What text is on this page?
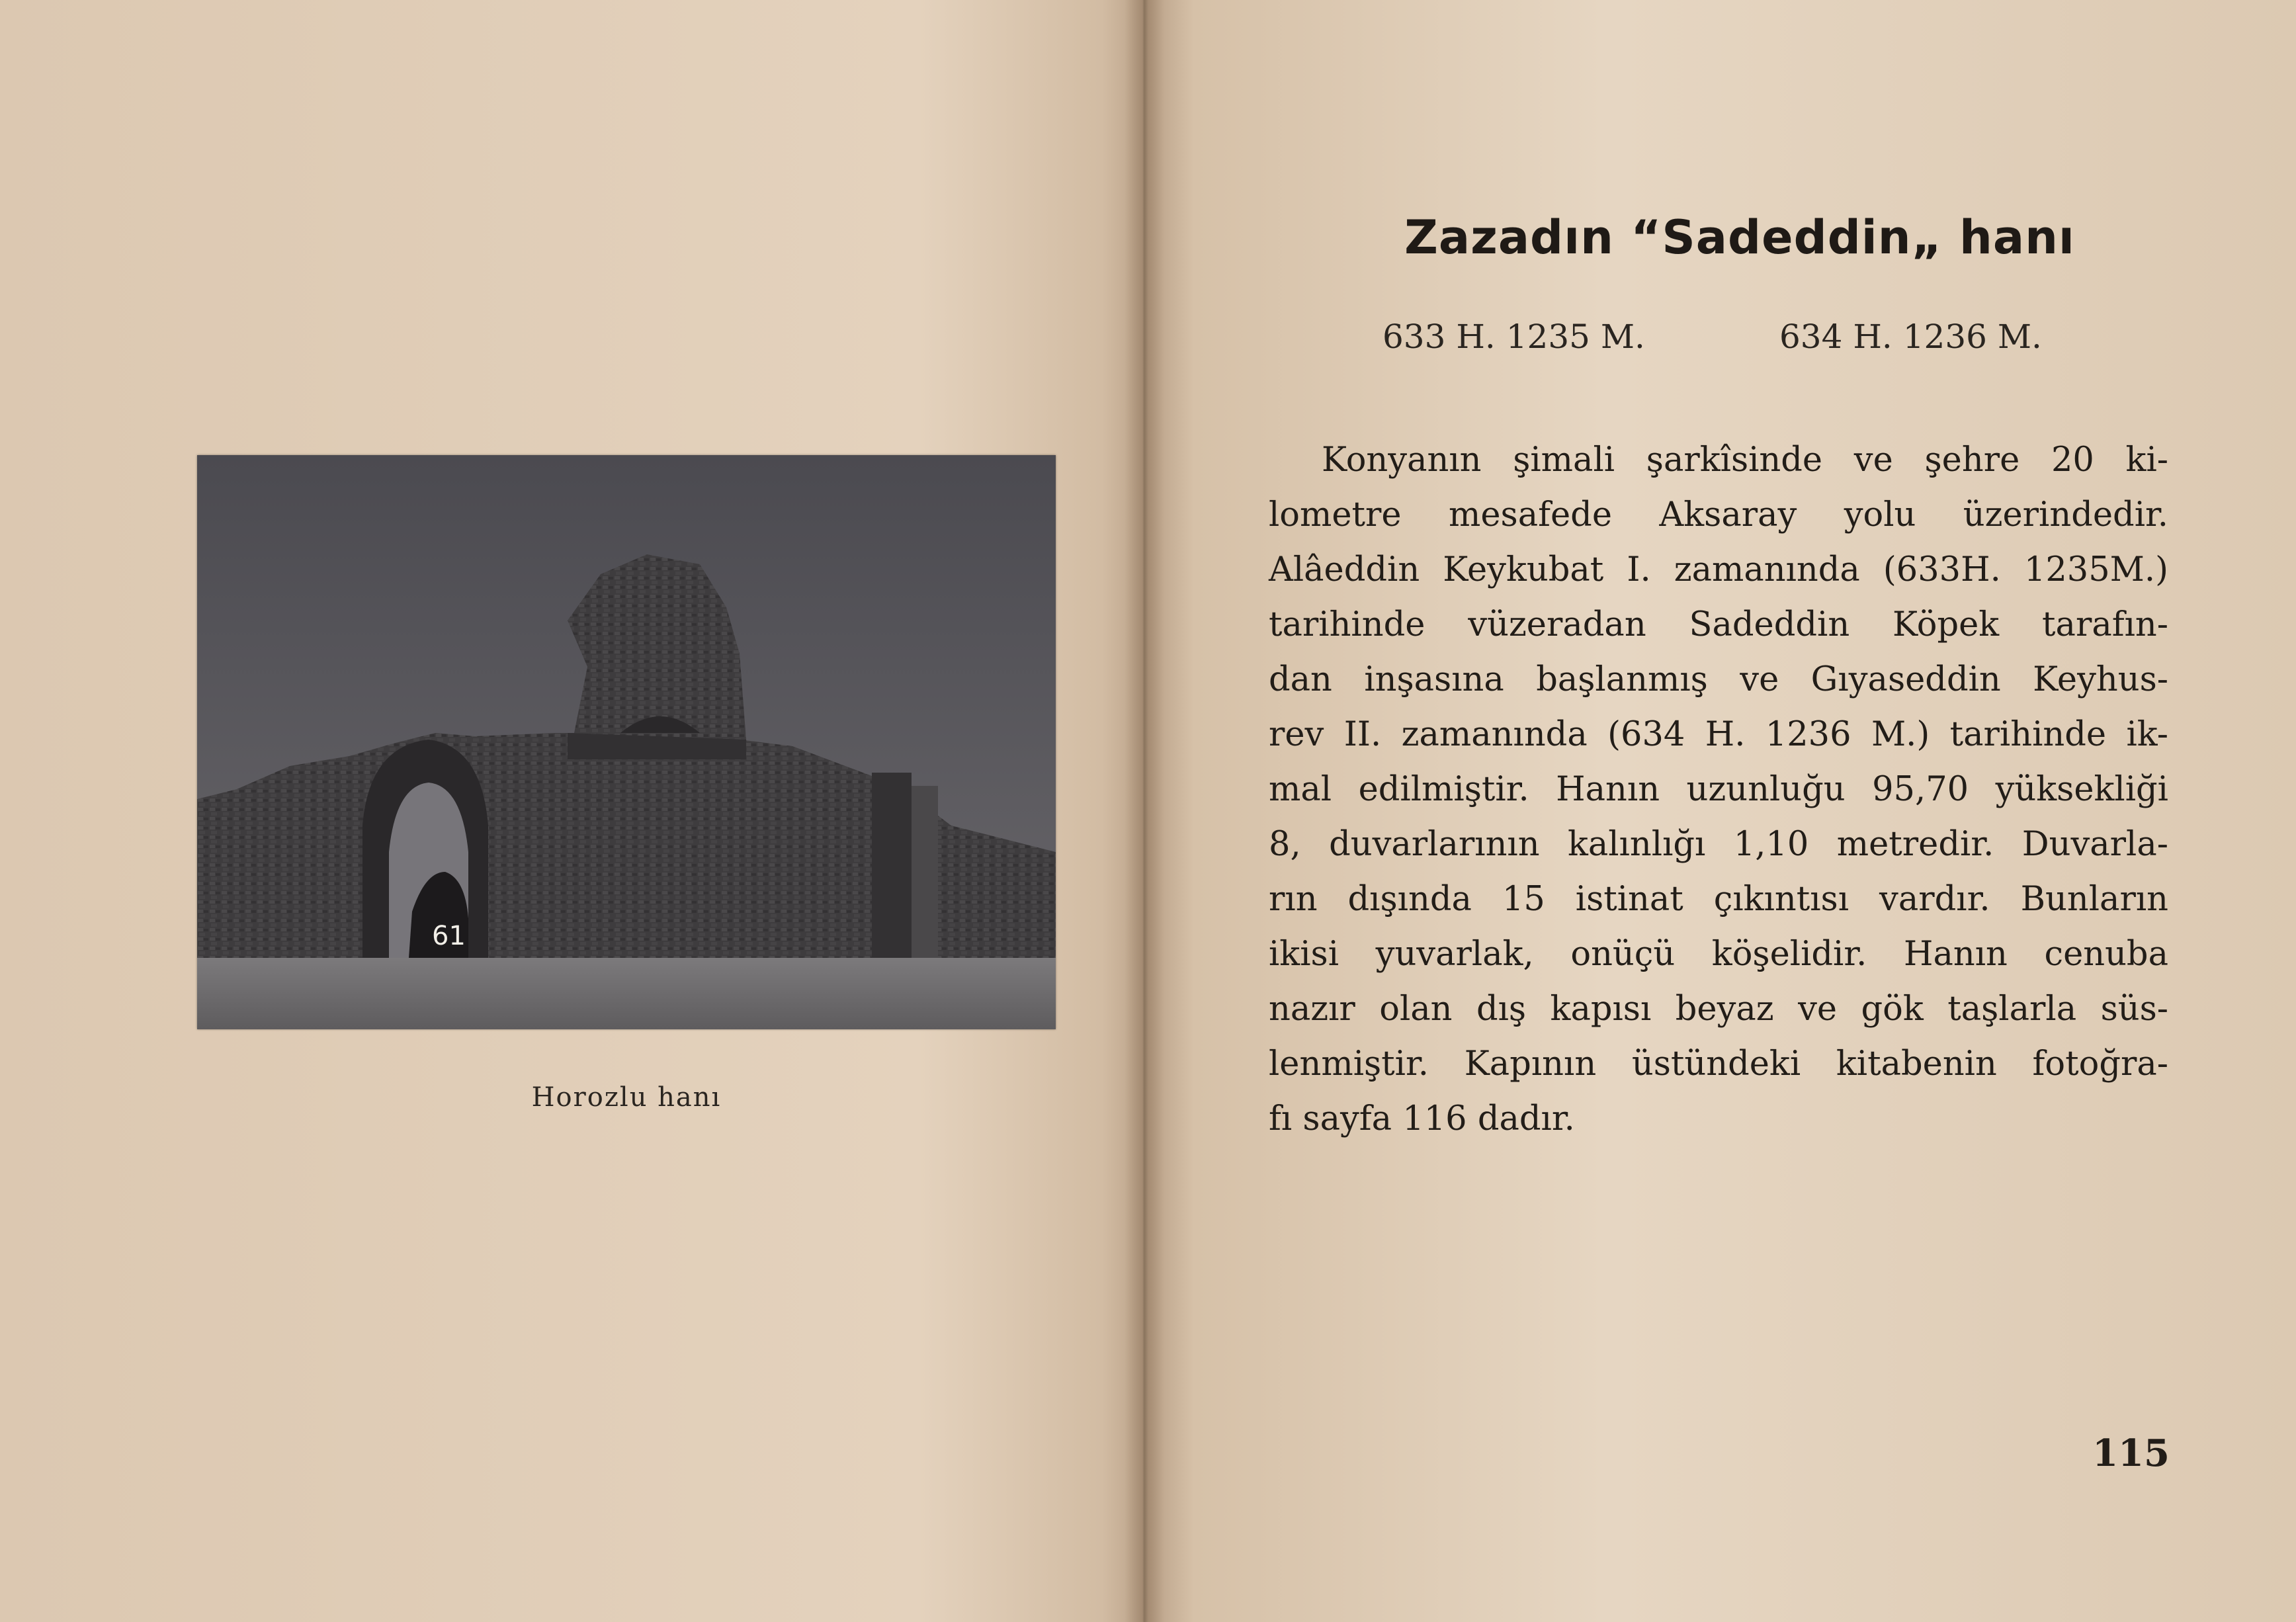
61
Horozlu hanı
Zazadın “Sadeddin„ hanı
633 H. 1235 M.	634 H. 1236 M.
Konyanın şimali şarkîsinde ve şehre 20 ki-
lometre mesafede Aksaray yolu üzerindedir.
Alâeddin Keykubat I. zamanında (633H. 1235M.)
tarihinde vüzeradan Sadeddin Köpek tarafın-
dan inşasına başlanmış ve Gıyaseddin Keyhus-
rev II. zamanında (634 H. 1236 M.) tarihinde ik-
mal edilmiştir. Hanın uzunluğu 95,70 yüksekliği
8, duvarlarının kalınlığı 1,10 metredir. Duvarla-
rın dışında 15 istinat çıkıntısı vardır. Bunların
ikisi yuvarlak, onüçü köşelidir. Hanın cenuba
nazır olan dış kapısı beyaz ve gök taşlarla süs-
lenmiştir. Kapının üstündeki kitabenin fotoğra-
fı sayfa 116 dadır.
115
